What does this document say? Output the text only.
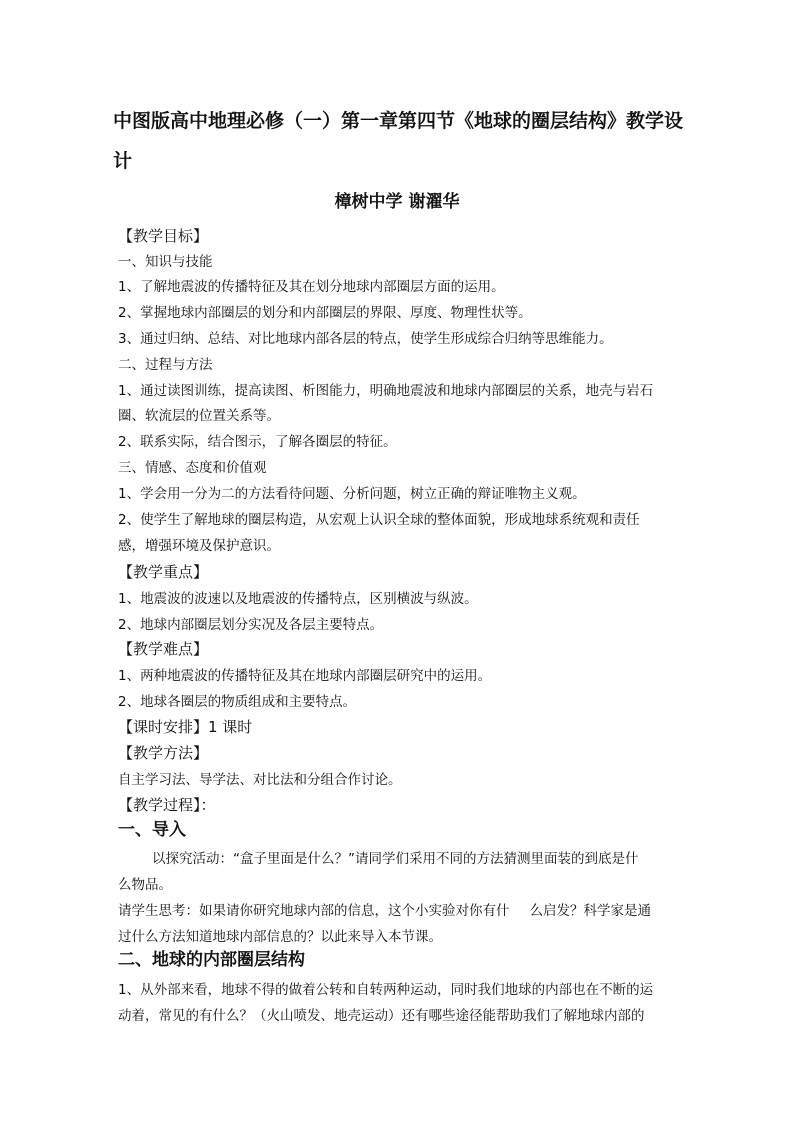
中图版高中地理必修（一）第一章第四节《地球的圈层结构》教学设计

樟树中学 谢濯华

【教学目标】

一、知识与技能

1、了解地震波的传播特征及其在划分地球内部圈层方面的运用。

2、掌握地球内部圈层的划分和内部圈层的界限、厚度、物理性状等。

3、通过归纳、总结、对比地球内部各层的特点，使学生形成综合归纳等思维能力。

二、过程与方法

1、通过读图训练，提高读图、析图能力，明确地震波和地球内部圈层的关系，地壳与岩石

圈、软流层的位置关系等。

2、联系实际，结合图示，了解各圈层的特征。

三、情感、态度和价值观

1、学会用一分为二的方法看待问题、分析问题，树立正确的辩证唯物主义观。

2、使学生了解地球的圈层构造，从宏观上认识全球的整体面貌，形成地球系统观和责任

感，增强环境及保护意识。

【教学重点】

1、地震波的波速以及地震波的传播特点，区别横波与纵波。

2、地球内部圈层划分实况及各层主要特点。

【教学难点】

1、两种地震波的传播特征及其在地球内部圈层研究中的运用。

2、地球各圈层的物质组成和主要特点。

【课时安排】1 课时

【教学方法】

自主学习法、导学法、对比法和分组合作讨论。

【教学过程】：

一、导入

以探究活动：“盒子里面是什么？”请同学们采用不同的方法猜测里面装的到底是什

么物品。

请学生思考：如果请你研究地球内部的信息，这个小实验对你有什 么启发？科学家是通

过什么方法知道地球内部信息的？以此来导入本节课。

二、地球的内部圈层结构

1、从外部来看，地球不得的做着公转和自转两种运动，同时我们地球的内部也在不断的运

动着，常见的有什么？（火山喷发、地壳运动）还有哪些途径能帮助我们了解地球内部的
